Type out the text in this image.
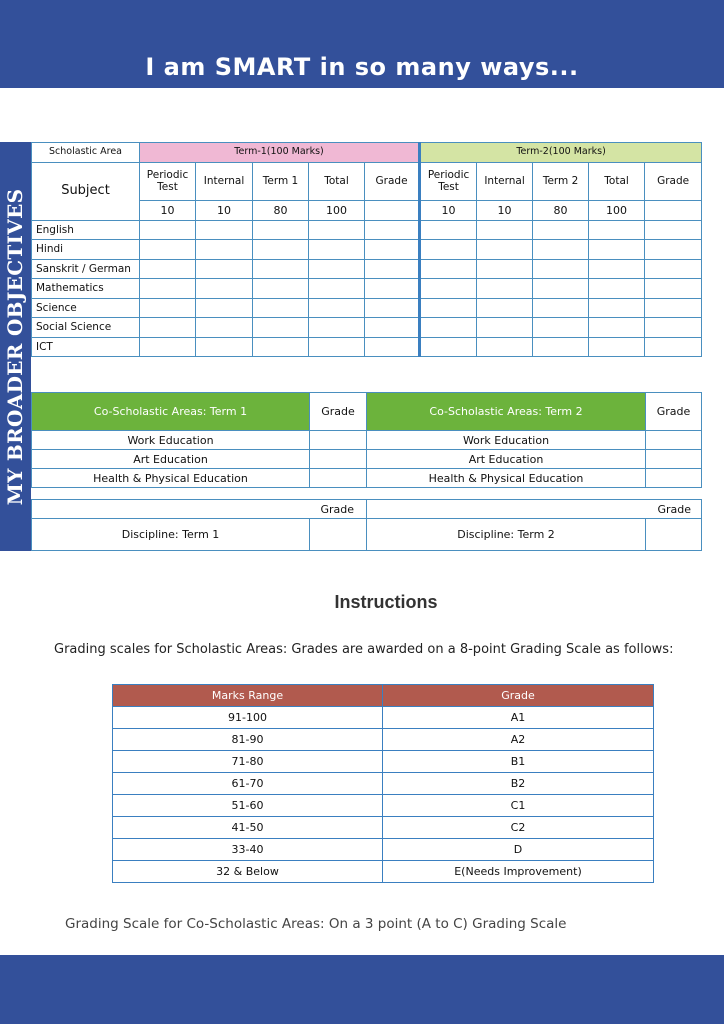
I am SMART in so many ways...
MY BROADER OBJECTIVES
Scholastic Area	Term-1(100 Marks)					Term-2(100 Marks)				
Subject	Periodic Test	Internal	Term 1	Total	Grade	Periodic Test	Internal	Term 2	Total	Grade
	10	10	80	100		10	10	80	100	
English										
Hindi										
Sanskrit / German										
Mathematics										
Science										
Social Science										
ICT										
Co-Scholastic Areas: Term 1	Grade	Co-Scholastic Areas: Term 2	Grade
Work Education		Work Education	
Art Education		Art Education	
Health & Physical Education		Health & Physical Education	
Grade		Grade	
Discipline: Term 1		Discipline: Term 2	
Instructions
Grading scales for Scholastic Areas: Grades are awarded on a 8-point Grading Scale as follows:
Marks Range	Grade
91-100	A1
81-90	A2
71-80	B1
61-70	B2
51-60	C1
41-50	C2
33-40	D
32 & Below	E(Needs Improvement)
Grading Scale for Co-Scholastic Areas: On a 3 point (A to C) Grading Scale
